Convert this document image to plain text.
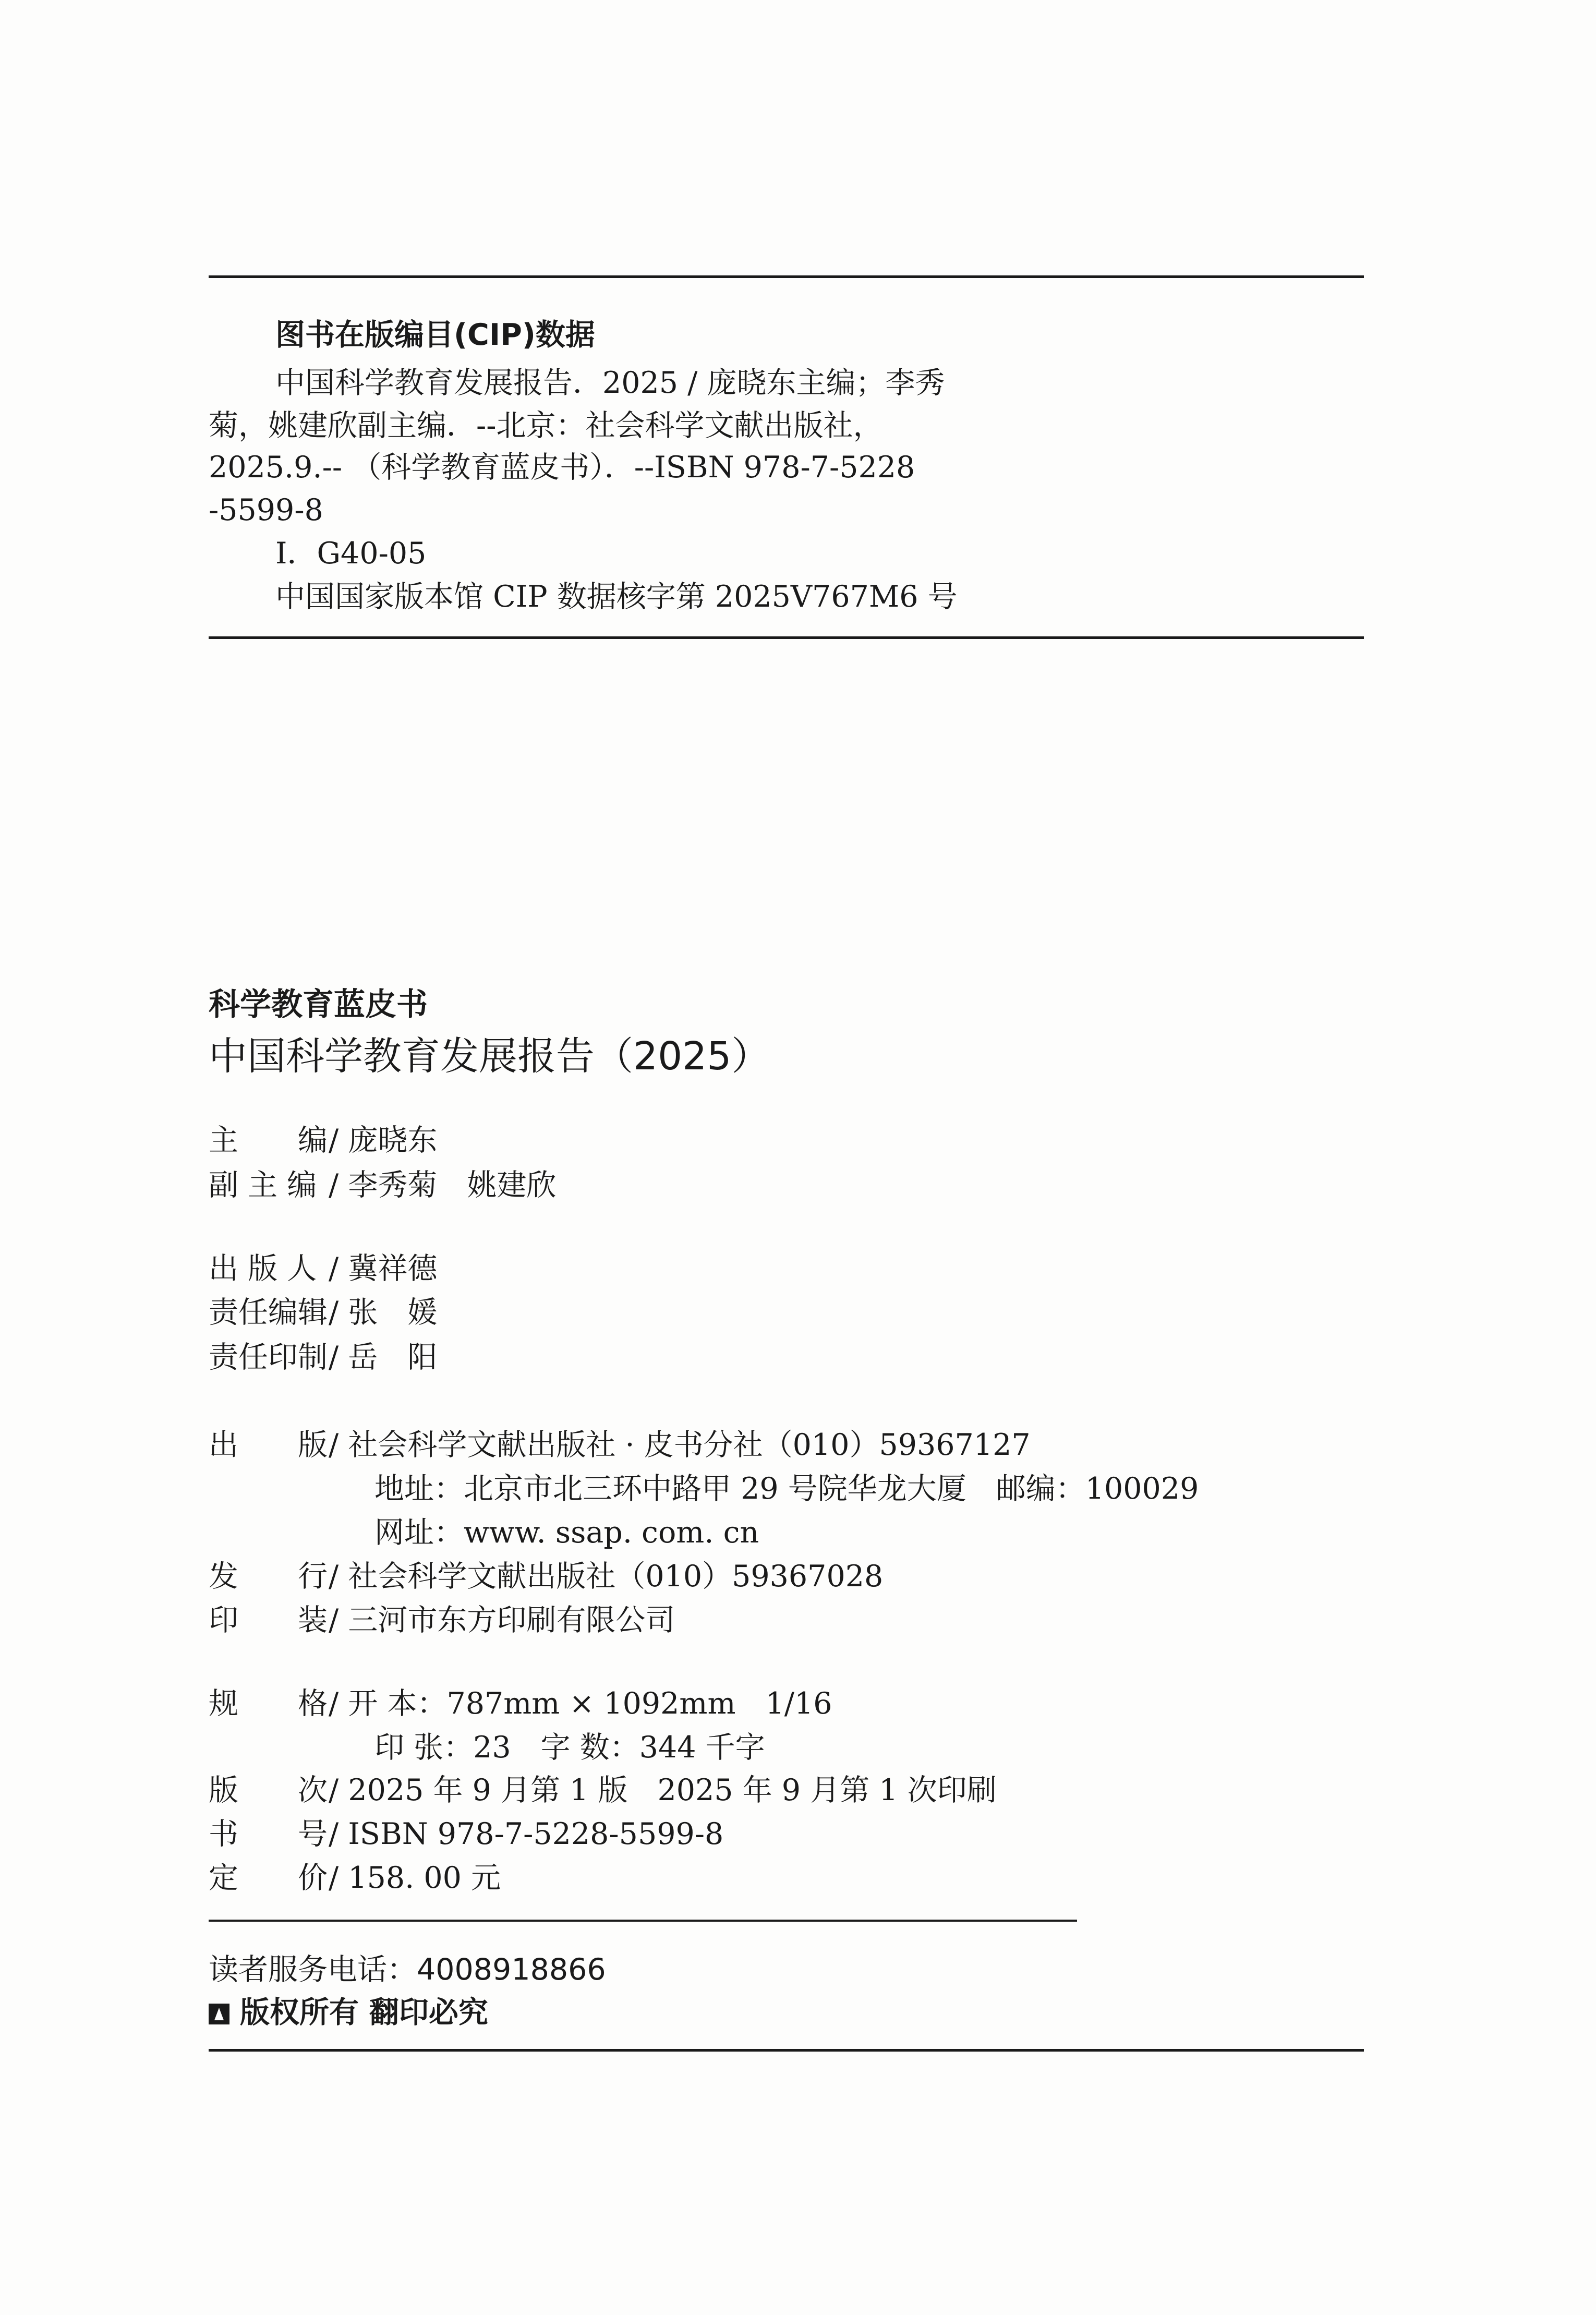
图书在版编目(CIP)数据
中国科学教育发展报告．2025 / 庞晓东主编；李秀
菊，姚建欣副主编．--北京：社会科学文献出版社，
2025.9.-- （科学教育蓝皮书）．--ISBN 978-7-5228
-5599-8
Ⅰ．G40-05
中国国家版本馆 CIP 数据核字第 2025V767M6 号
科学教育蓝皮书
中国科学教育发展报告（2025）
主　　编 / 庞晓东
副 主 编 / 李秀菊　姚建欣
出 版 人 / 冀祥德
责任编辑 / 张　媛
责任印制 / 岳　阳
出　　版 / 社会科学文献出版社 · 皮书分社（010）59367127
地址：北京市北三环中路甲 29 号院华龙大厦　邮编：100029
网址：www. ssap. com. cn
发　　行 / 社会科学文献出版社（010）59367028
印　　装 / 三河市东方印刷有限公司
规　　格 / 开 本：787mm × 1092mm　1/16
印 张：23　字 数：344 千字
版　　次 / 2025 年 9 月第 1 版　2025 年 9 月第 1 次印刷
书　　号 / ISBN 978-7-5228-5599-8
定　　价 / 158. 00 元
读者服务电话：4008918866
版权所有 翻印必究
